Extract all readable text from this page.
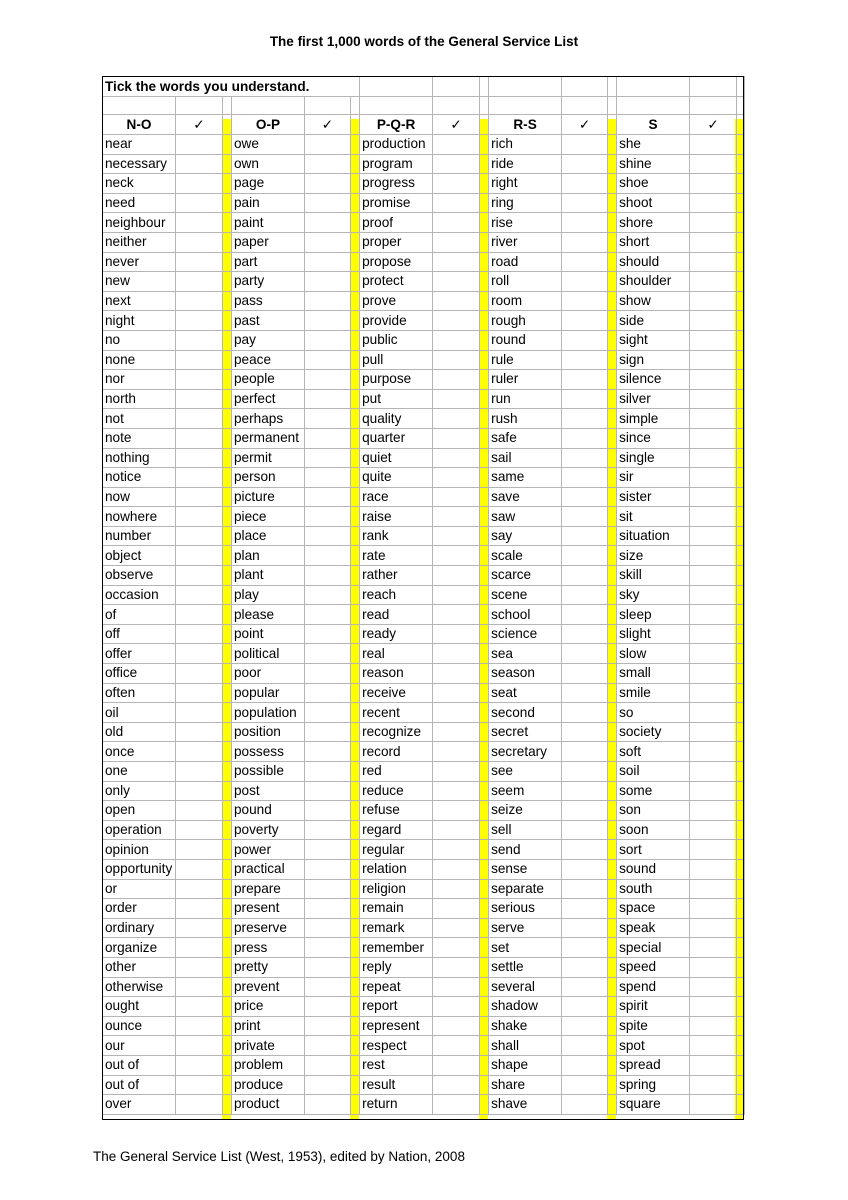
The first 1,000 words of the General Service List
Tick the words you understand.														

N-O	✓		O-P	✓		P-Q-R	✓		R-S	✓		S	✓	
near			owe			production			rich			she		
necessary			own			program			ride			shine		
neck			page			progress			right			shoe		
need			pain			promise			ring			shoot		
neighbour			paint			proof			rise			shore		
neither			paper			proper			river			short		
never			part			propose			road			should		
new			party			protect			roll			shoulder		
next			pass			prove			room			show		
night			past			provide			rough			side		
no			pay			public			round			sight		
none			peace			pull			rule			sign		
nor			people			purpose			ruler			silence		
north			perfect			put			run			silver		
not			perhaps			quality			rush			simple		
note			permanent			quarter			safe			since		
nothing			permit			quiet			sail			single		
notice			person			quite			same			sir		
now			picture			race			save			sister		
nowhere			piece			raise			saw			sit		
number			place			rank			say			situation		
object			plan			rate			scale			size		
observe			plant			rather			scarce			skill		
occasion			play			reach			scene			sky		
of			please			read			school			sleep		
off			point			ready			science			slight		
offer			political			real			sea			slow		
office			poor			reason			season			small		
often			popular			receive			seat			smile		
oil			population			recent			second			so		
old			position			recognize			secret			society		
once			possess			record			secretary			soft		
one			possible			red			see			soil		
only			post			reduce			seem			some		
open			pound			refuse			seize			son		
operation			poverty			regard			sell			soon		
opinion			power			regular			send			sort		
opportunity			practical			relation			sense			sound		
or			prepare			religion			separate			south		
order			present			remain			serious			space		
ordinary			preserve			remark			serve			speak		
organize			press			remember			set			special		
other			pretty			reply			settle			speed		
otherwise			prevent			repeat			several			spend		
ought			price			report			shadow			spirit		
ounce			print			represent			shake			spite		
our			private			respect			shall			spot		
out of			problem			rest			shape			spread		
out of			produce			result			share			spring		
over			product			return			shave			square		
The General Service List (West, 1953), edited by Nation, 2008
